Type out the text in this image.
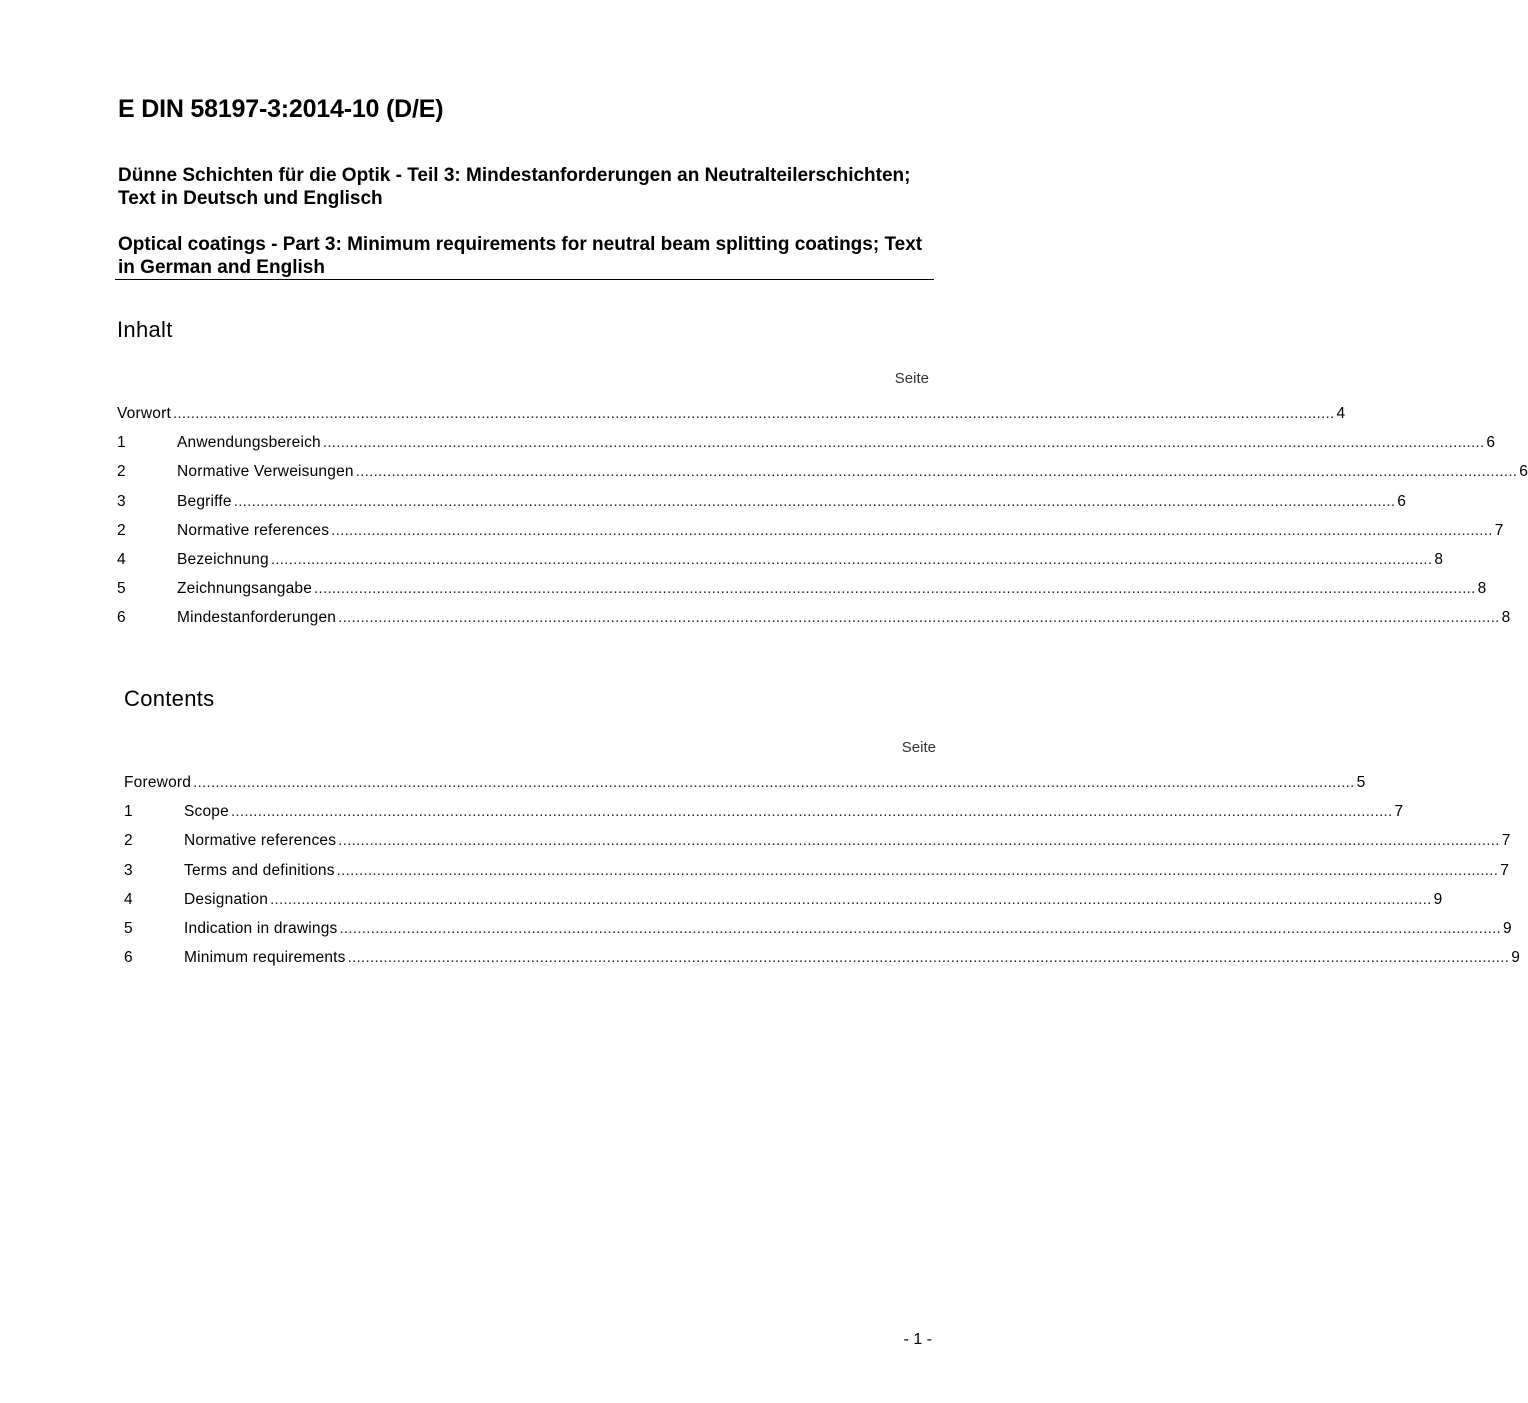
E DIN 58197-3:2014-10 (D/E)

Dünne Schichten für die Optik - Teil 3: Mindestanforderungen an Neutralteilerschichten; Text in Deutsch und Englisch

Optical coatings - Part 3: Minimum requirements for neutral beam splitting coatings; Text in German and English

Inhalt
Seite
Vorwort .................................................................................................................................................................................................................................................................... 4
1	Anwendungsbereich .................................................................................................................................................................................................................................................................... 6
2	Normative Verweisungen .................................................................................................................................................................................................................................................................... 6
3	Begriffe .................................................................................................................................................................................................................................................................... 6
2	Normative references .................................................................................................................................................................................................................................................................... 7
4	Bezeichnung .................................................................................................................................................................................................................................................................... 8
5	Zeichnungsangabe .................................................................................................................................................................................................................................................................... 8
6	Mindestanforderungen .................................................................................................................................................................................................................................................................... 8
Contents
Seite
Foreword .................................................................................................................................................................................................................................................................... 5
1	Scope .................................................................................................................................................................................................................................................................... 7
2	Normative references .................................................................................................................................................................................................................................................................... 7
3	Terms and definitions .................................................................................................................................................................................................................................................................... 7
4	Designation .................................................................................................................................................................................................................................................................... 9
5	Indication in drawings .................................................................................................................................................................................................................................................................... 9
6	Minimum requirements .................................................................................................................................................................................................................................................................... 9
- 1 -
